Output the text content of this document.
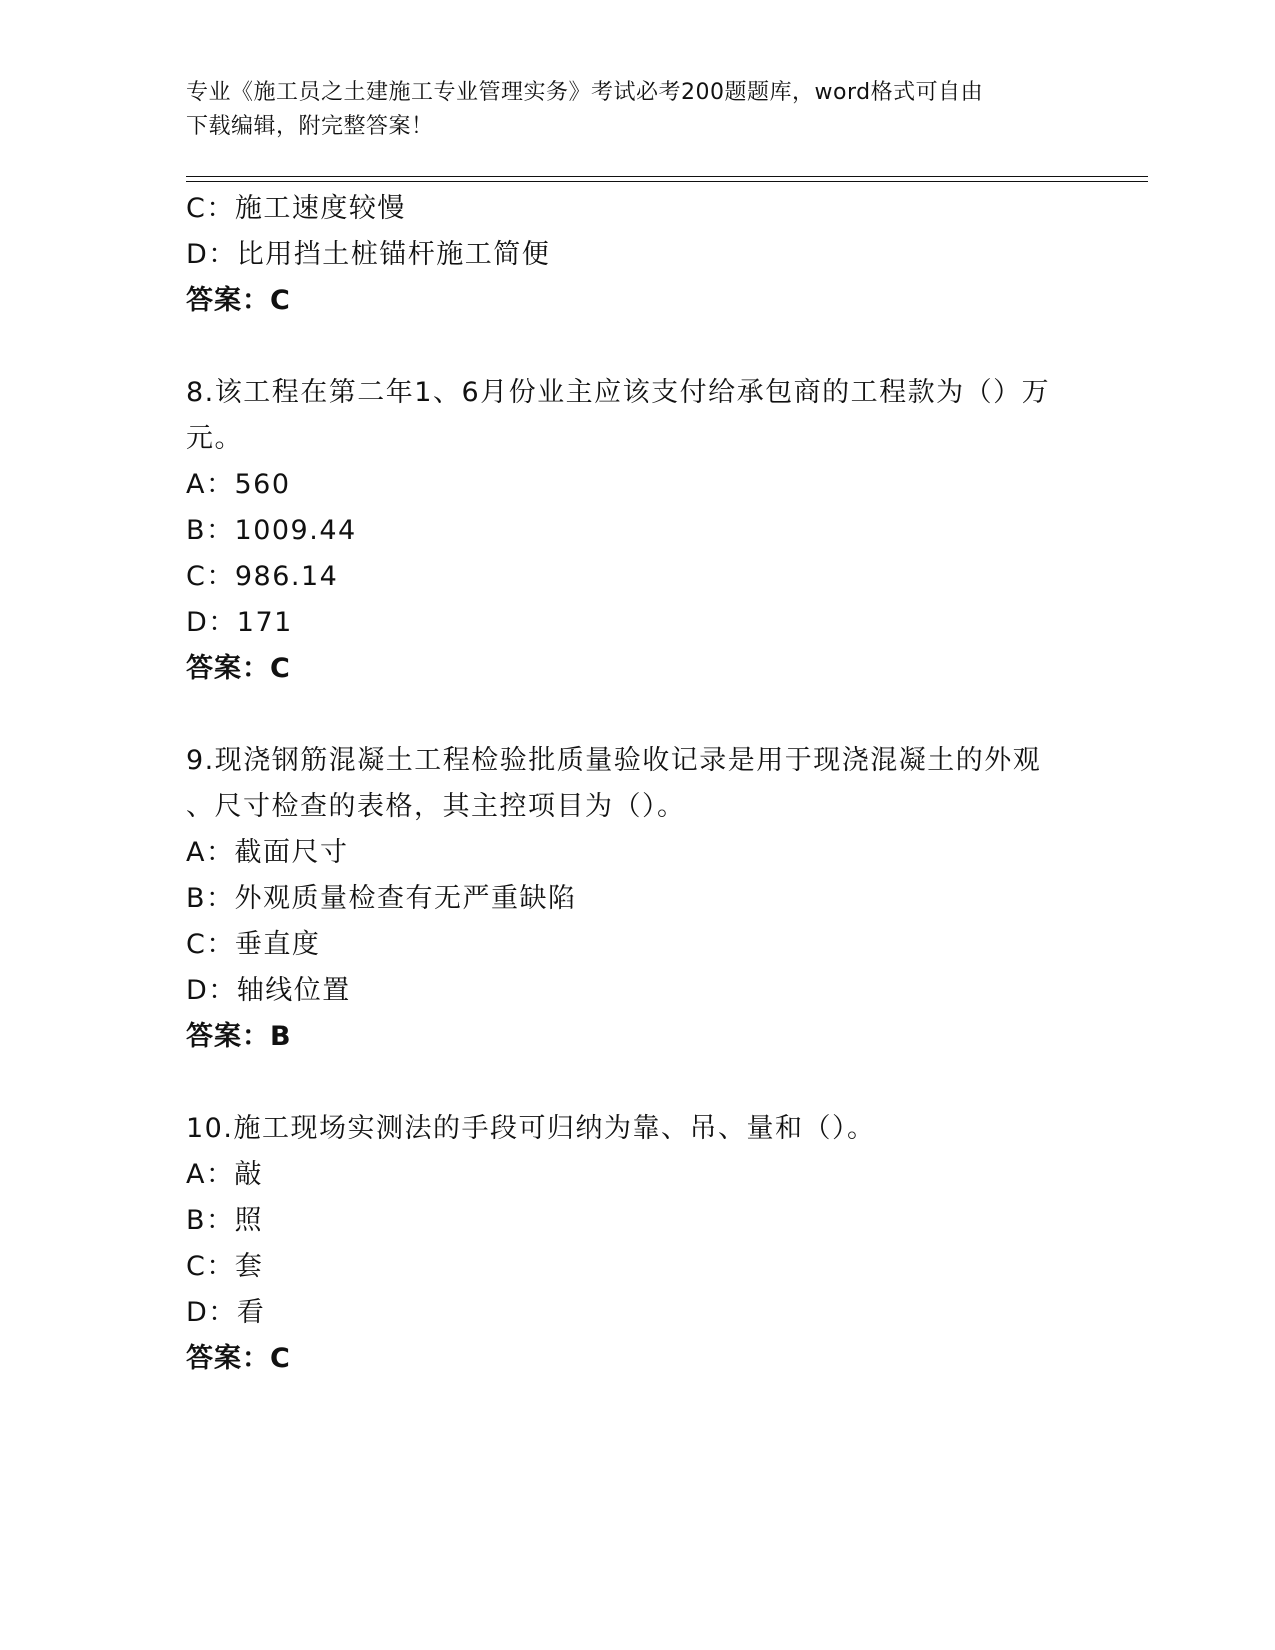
专业《施工员之土建施工专业管理实务》考试必考200题题库，word格式可自由
下载编辑，附完整答案！
C：施工速度较慢
D：比用挡土桩锚杆施工简便
答案：C
8.该工程在第二年1、6月份业主应该支付给承包商的工程款为（）万
元。
A：560
B：1009.44
C：986.14
D：171
答案：C
9.现浇钢筋混凝土工程检验批质量验收记录是用于现浇混凝土的外观
、尺寸检查的表格，其主控项目为（）。
A：截面尺寸
B：外观质量检查有无严重缺陷
C：垂直度
D：轴线位置
答案：B
10.施工现场实测法的手段可归纳为靠、吊、量和（）。
A：敲
B：照
C：套
D：看
答案：C
